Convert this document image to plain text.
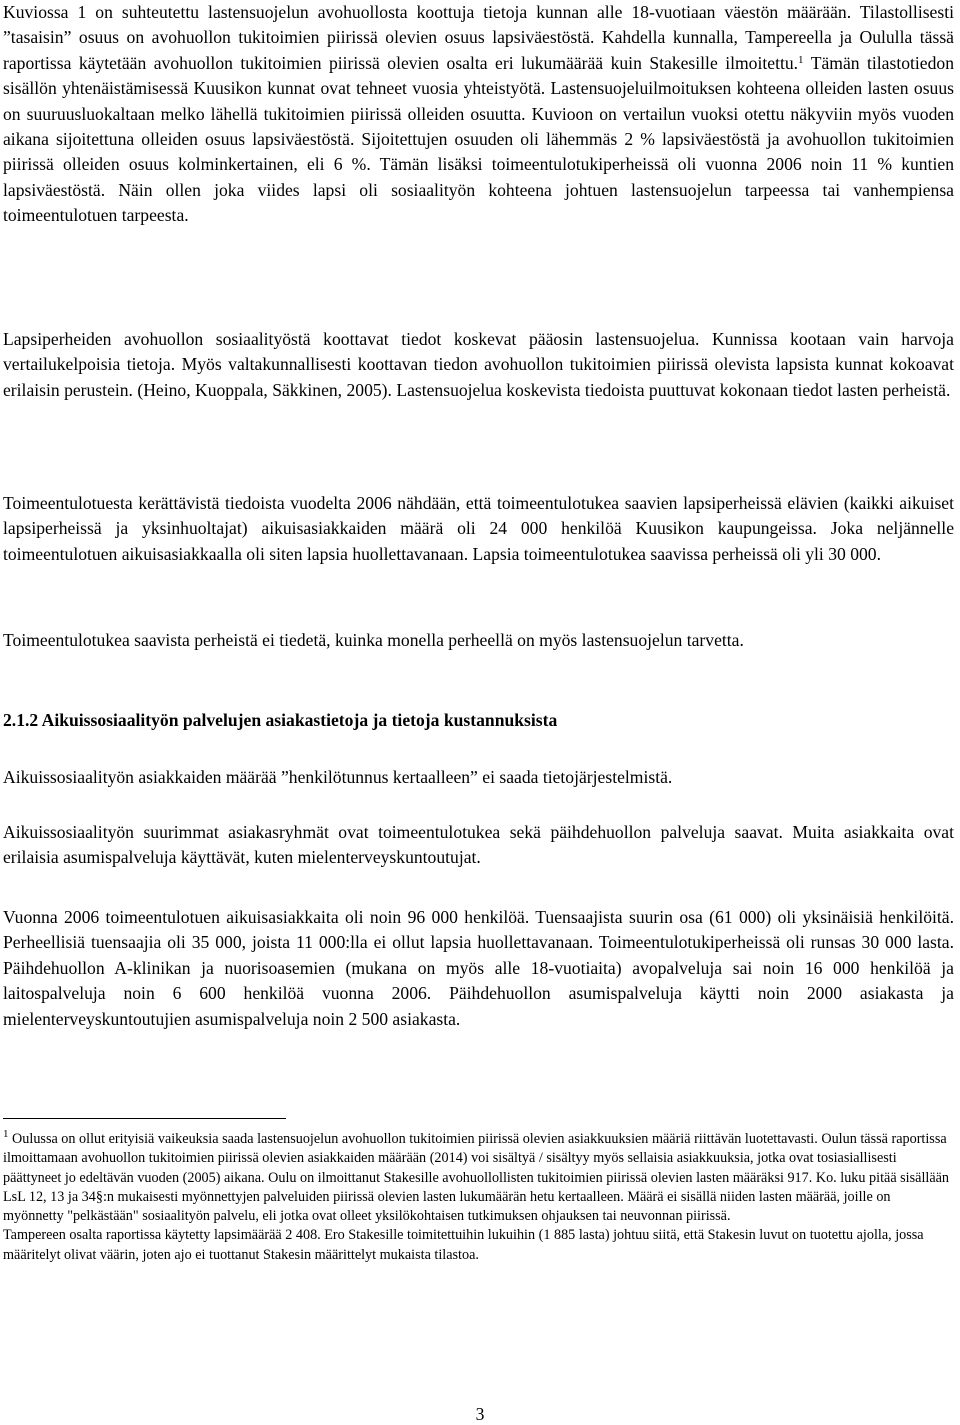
Kuviossa 1 on suhteutettu lastensuojelun avohuollosta koottuja tietoja kunnan alle 18-vuotiaan väestön määrään. Tilastollisesti ”tasaisin” osuus on avohuollon tukitoimien piirissä olevien osuus lapsiväestöstä. Kahdella kunnalla, Tampereella ja Oululla tässä raportissa käytetään avohuollon tukitoimien piirissä olevien osalta eri lukumäärää kuin Stakesille ilmoitettu.$^1$ Tämän tilastotiedon sisällön yhtenäistämisessä Kuusikon kunnat ovat tehneet vuosia yhteistyötä. Lastensuojeluilmoituksen kohteena olleiden lasten osuus on suuruusluokaltaan melko lähellä tukitoimien piirissä olleiden osuutta. Kuvioon on vertailun vuoksi otettu näkyviin myös vuoden aikana sijoitettuna olleiden osuus lapsiväestöstä. Sijoitettujen osuuden oli lähemmäs 2 % lapsiväestöstä ja avohuollon tukitoimien piirissä olleiden osuus kolminkertainen, eli 6 %. Tämän lisäksi toimeentulotukiperheissä oli vuonna 2006 noin 11 % kuntien lapsiväestöstä. Näin ollen joka viides lapsi oli sosiaalityön kohteena johtuen lastensuojelun tarpeessa tai vanhempiensa toimeentulotuen tarpeesta.

Lapsiperheiden avohuollon sosiaalityöstä koottavat tiedot koskevat pääosin lastensuojelua. Kunnissa kootaan vain harvoja vertailukelpoisia tietoja. Myös valtakunnallisesti koottavan tiedon avohuollon tukitoimien piirissä olevista lapsista kunnat kokoavat erilaisin perustein. (Heino, Kuoppala, Säkkinen, 2005). Lastensuojelua koskevista tiedoista puuttuvat kokonaan tiedot lasten perheistä.

Toimeentulotuesta kerättävistä tiedoista vuodelta 2006 nähdään, että toimeentulotukea saavien lapsiperheissä elävien (kaikki aikuiset lapsiperheissä ja yksinhuoltajat) aikuisasiakkaiden määrä oli 24 000 henkilöä Kuusikon kaupungeissa. Joka neljännelle toimeentulotuen aikuisasiakkaalla oli siten lapsia huollettavanaan. Lapsia toimeentulotukea saavissa perheissä oli yli 30 000.

Toimeentulotukea saavista perheistä ei tiedetä, kuinka monella perheellä on myös lastensuojelun tarvetta.

2.1.2 Aikuissosiaalityön palvelujen asiakastietoja ja tietoja kustannuksista

Aikuissosiaalityön asiakkaiden määrää ”henkilötunnus kertaalleen” ei saada tietojärjestelmistä.

Aikuissosiaalityön suurimmat asiakasryhmät ovat toimeentulotukea sekä päihdehuollon palveluja saavat. Muita asiakkaita ovat erilaisia asumispalveluja käyttävät, kuten mielenterveyskuntoutujat.

Vuonna 2006 toimeentulotuen aikuisasiakkaita oli noin 96 000 henkilöä. Tuensaajista suurin osa (61 000) oli yksinäisiä henkilöitä. Perheellisiä tuensaajia oli 35 000, joista 11 000:lla ei ollut lapsia huollettavanaan. Toimeentulotukiperheissä oli runsas 30 000 lasta. Päihdehuollon A-klinikan ja nuorisoasemien (mukana on myös alle 18-vuotiaita) avopalveluja sai noin 16 000 henkilöä ja laitospalveluja noin 6 600 henkilöä vuonna 2006. Päihdehuollon asumispalveluja käytti noin 2000 asiakasta ja mielenterveyskuntoutujien asumispalveluja noin 2 500 asiakasta.

$^1$ Oulussa on ollut erityisiä vaikeuksia saada lastensuojelun avohuollon tukitoimien piirissä olevien asiakkuuksien määriä riittävän luotettavasti. Oulun tässä raportissa ilmoittamaan avohuollon tukitoimien piirissä olevien asiakkaiden määrään (2014) voi sisältyä / sisältyy myös sellaisia asiakkuuksia, jotka ovat tosiasiallisesti päättyneet jo edeltävän vuoden (2005) aikana. Oulu on ilmoittanut Stakesille avohuollollisten tukitoimien piirissä olevien lasten määräksi 917. Ko. luku pitää sisällään LsL 12, 13 ja 34§:n mukaisesti myönnettyjen palveluiden piirissä olevien lasten lukumäärän hetu kertaalleen. Määrä ei sisällä niiden lasten määrää, joille on myönnetty "pelkästään" sosiaalityön palvelu, eli jotka ovat olleet yksilökohtaisen tutkimuksen ohjauksen tai neuvonnan piirissä.

Tampereen osalta raportissa käytetty lapsimäärää 2 408. Ero Stakesille toimitettuihin lukuihin (1 885 lasta) johtuu siitä, että Stakesin luvut on tuotettu ajolla, jossa määritelyt olivat väärin, joten ajo ei tuottanut Stakesin määrittelyt mukaista tilastoa.

3
